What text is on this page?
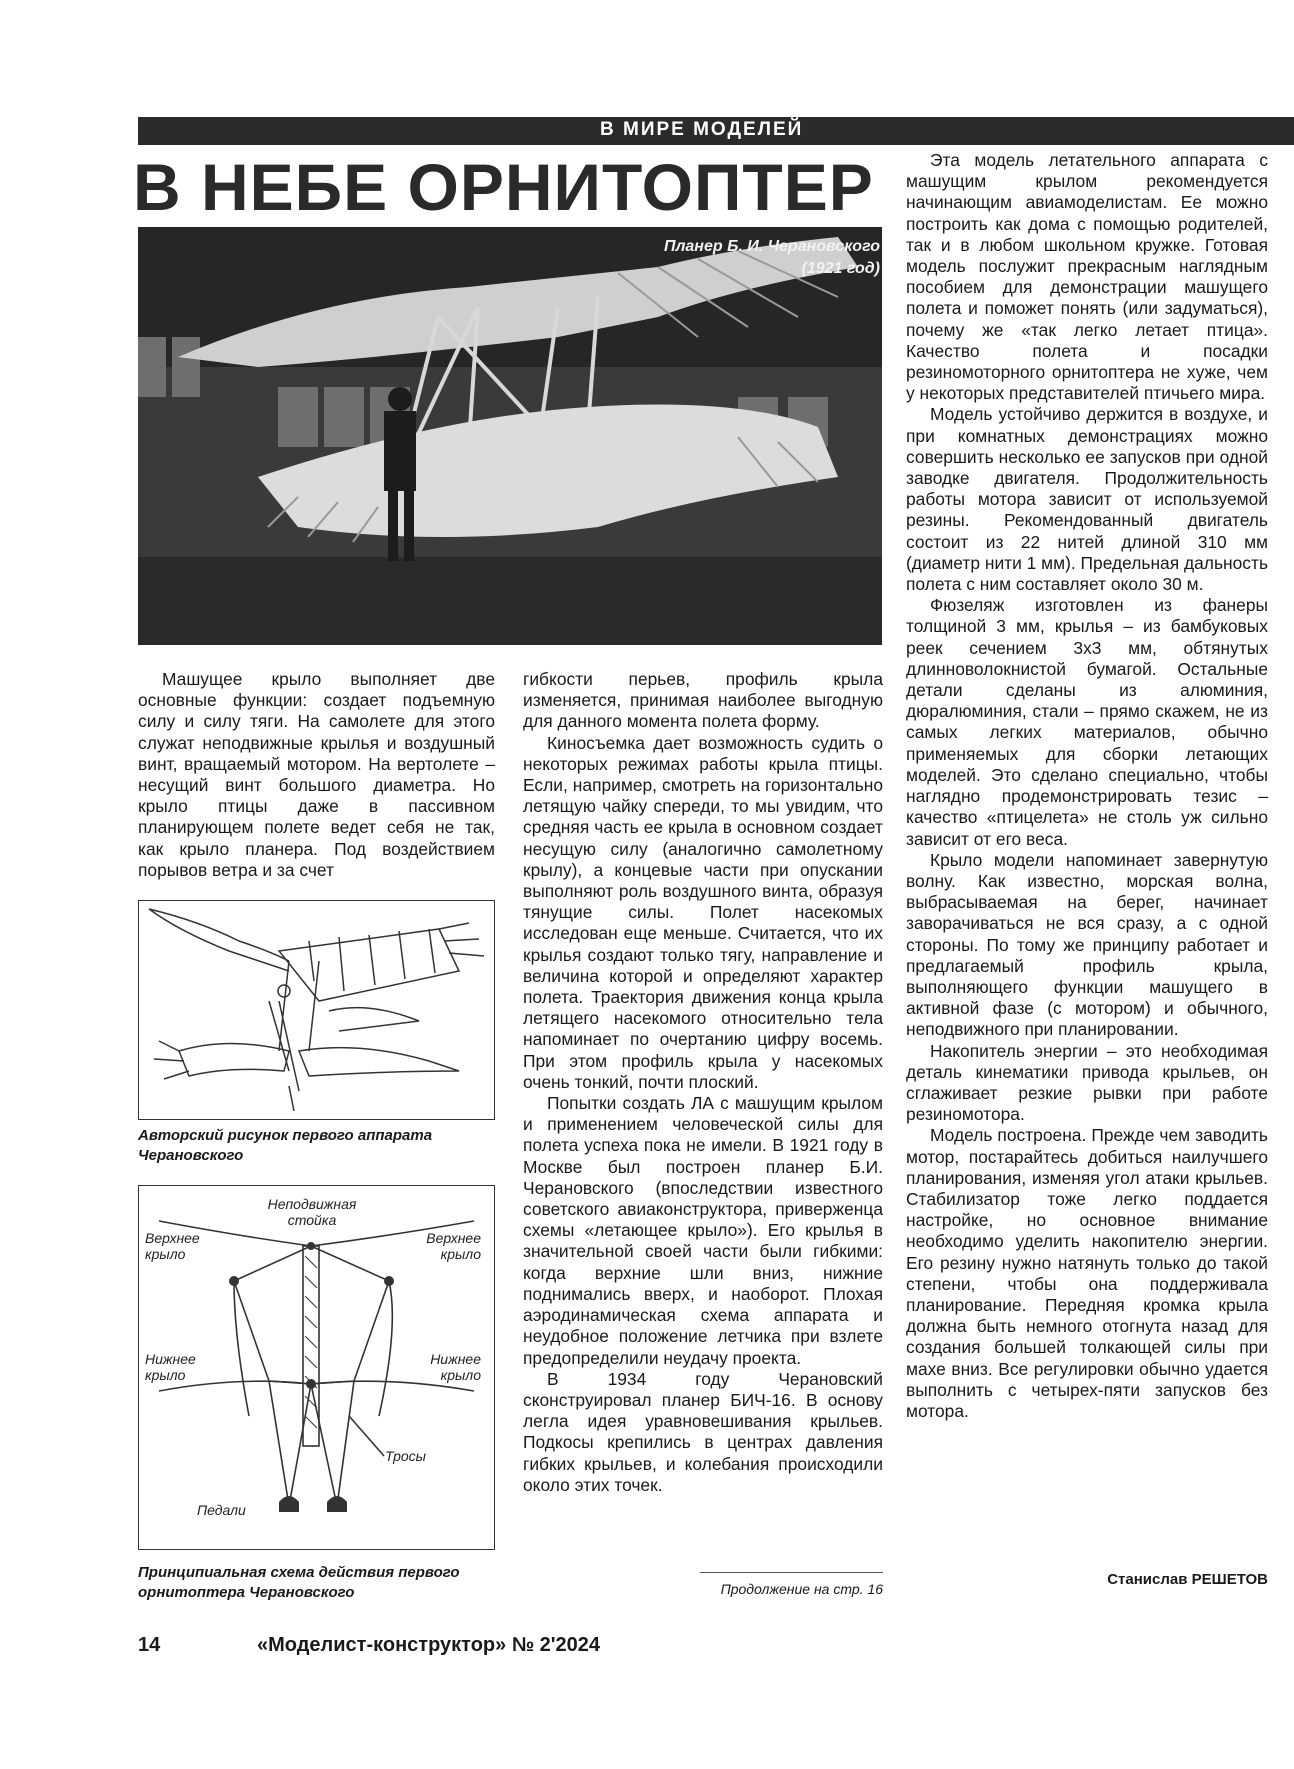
В МИРЕ МОДЕЛЕЙ
В НЕБЕ ОРНИТОПТЕР
Планер Б. И. Черановского
(1921 год)

Машущее крыло выполняет две основные функции: создает подъемную силу и силу тяги. На самолете для этого служат неподвижные крылья и воздушный винт, вращаемый мотором. На вертолете – несущий винт большого диаметра. Но крыло птицы даже в пассивном планирующем полете ведет себя не так, как крыло планера. Под воздействием порывов ветра и за счет

Авторский рисунок первого аппарата Черановского
Неподвижная стойка
Верхнее крыло
Верхнее крыло
Нижнее крыло
Нижнее крыло
Тросы
Педали
Принципиальная схема действия первого орнитоптера Черановского

гибкости перьев, профиль крыла изменяется, принимая наиболее выгодную для данного момента полета форму.

Киносъемка дает возможность судить о некоторых режимах работы крыла птицы. Если, например, смотреть на горизонтально летящую чайку спереди, то мы увидим, что средняя часть ее крыла в основном создает несущую силу (аналогично самолетному крылу), а концевые части при опускании выполняют роль воздушного винта, образуя тянущие силы. Полет насекомых исследован еще меньше. Считается, что их крылья создают только тягу, направление и величина которой и определяют характер полета. Траектория движения конца крыла летящего насекомого относительно тела напоминает по очертанию цифру восемь. При этом профиль крыла у насекомых очень тонкий, почти плоский.

Попытки создать ЛА с машущим крылом и применением человеческой силы для полета успеха пока не имели. В 1921 году в Москве был построен планер Б.И. Черановского (впоследствии известного советского авиаконструктора, приверженца схемы «летающее крыло»). Его крылья в значительной своей части были гибкими: когда верхние шли вниз, нижние поднимались вверх, и наоборот. Плохая аэродинамическая схема аппарата и неудобное положение летчика при взлете предопределили неудачу проекта.

В 1934 году Черановский сконструировал планер БИЧ-16. В основу легла идея уравновешивания крыльев. Подкосы крепились в центрах давления гибких крыльев, и колебания происходили около этих точек.

Продолжение на стр. 16

Эта модель летательного аппарата с машущим крылом рекомендуется начинающим авиамоделистам. Ее можно построить как дома с помощью родителей, так и в любом школьном кружке. Готовая модель послужит прекрасным наглядным пособием для демонстрации машущего полета и поможет понять (или задуматься), почему же «так легко летает птица». Качество полета и посадки резиномоторного орнитоптера не хуже, чем у некоторых представителей птичьего мира.

Модель устойчиво держится в воздухе, и при комнатных демонстрациях можно совершить несколько ее запусков при одной заводке двигателя. Продолжительность работы мотора зависит от используемой резины. Рекомендованный двигатель состоит из 22 нитей длиной 310 мм (диаметр нити 1 мм). Предельная дальность полета с ним составляет около 30 м.

Фюзеляж изготовлен из фанеры толщиной 3 мм, крылья – из бамбуковых реек сечением 3х3 мм, обтянутых длинноволокнистой бумагой. Остальные детали сделаны из алюминия, дюралюминия, стали – прямо скажем, не из самых легких материалов, обычно применяемых для сборки летающих моделей. Это сделано специально, чтобы наглядно продемонстрировать тезис – качество «птицелета» не столь уж сильно зависит от его веса.

Крыло модели напоминает завернутую волну. Как известно, морская волна, выбрасываемая на берег, начинает заворачиваться не вся сразу, а с одной стороны. По тому же принципу работает и предлагаемый профиль крыла, выполняющего функции машущего в активной фазе (с мотором) и обычного, неподвижного при планировании.

Накопитель энергии – это необходимая деталь кинематики привода крыльев, он сглаживает резкие рывки при работе резиномотора.

Модель построена. Прежде чем заводить мотор, постарайтесь добиться наилучшего планирования, изменяя угол атаки крыльев. Стабилизатор тоже легко поддается настройке, но основное внимание необходимо уделить накопителю энергии. Его резину нужно натянуть только до такой степени, чтобы она поддерживала планирование. Передняя кромка крыла должна быть немного отогнута назад для создания большей толкающей силы при махе вниз. Все регулировки обычно удается выполнить с четырех-пяти запусков без мотора.

Станислав РЕШЕТОВ
14	«Моделист-конструктор» № 2'2024
